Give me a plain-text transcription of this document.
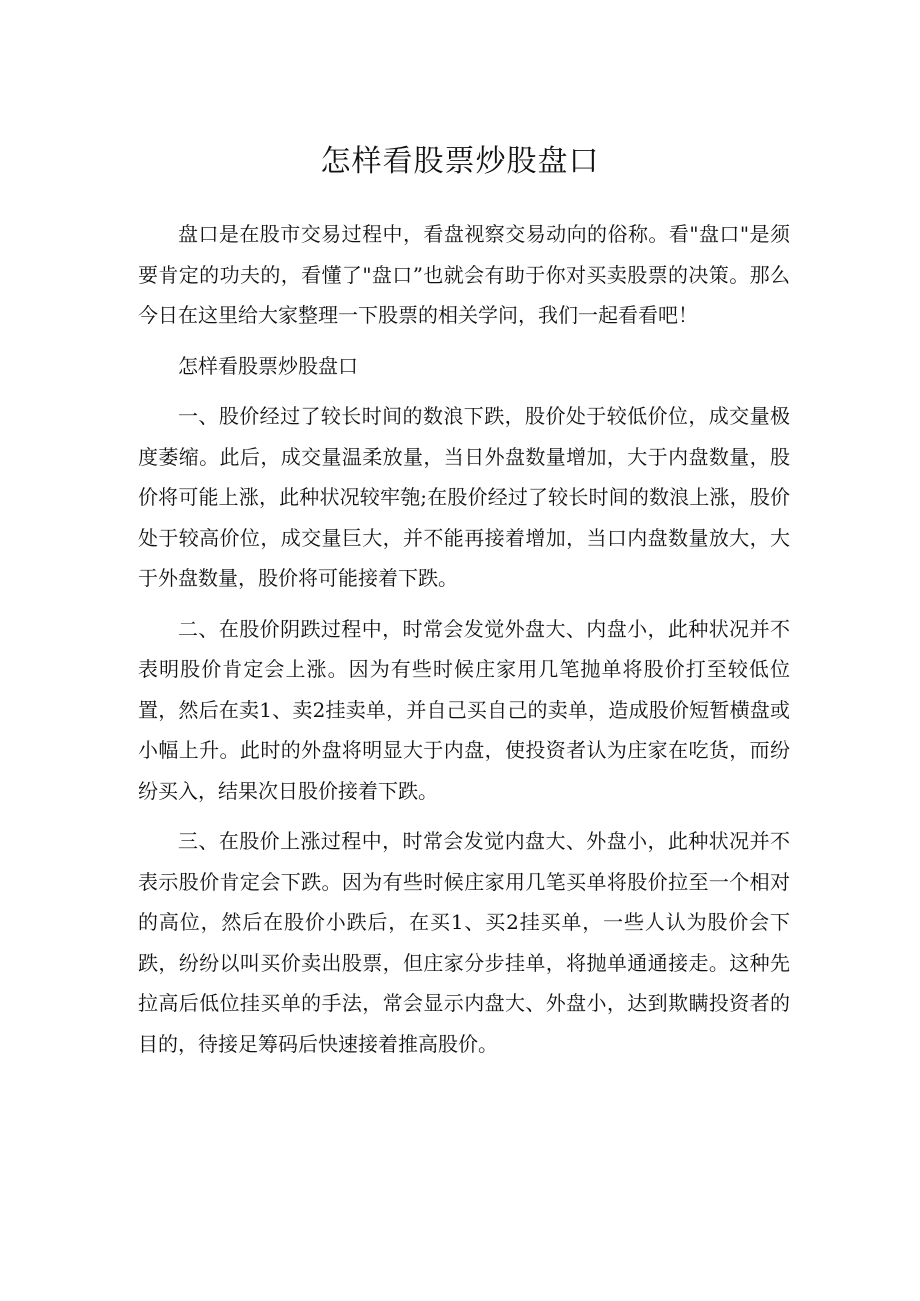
怎样看股票炒股盘口

盘口是在股市交易过程中，看盘视察交易动向的俗称。看"盘口"是须要肯定的功夫的，看懂了"盘口”也就会有助于你对买卖股票的决策。那么今日在这里给大家整理一下股票的相关学问，我们一起看看吧！

怎样看股票炒股盘口

一、股价经过了较长时间的数浪下跌，股价处于较低价位，成交量极度萎缩。此后，成交量温柔放量，当日外盘数量增加，大于内盘数量，股价将可能上涨，此种状况较牢匏;在股价经过了较长时间的数浪上涨，股价处于较高价位，成交量巨大，并不能再接着增加，当口内盘数量放大，大于外盘数量，股价将可能接着下跌。

二、在股价阴跌过程中，时常会发觉外盘大、内盘小，此种状况并不表明股价肯定会上涨。因为有些时候庄家用几笔抛单将股价打至较低位置，然后在卖1、卖2挂卖单，并自己买自己的卖单，造成股价短暂横盘或小幅上升。此时的外盘将明显大于内盘，使投资者认为庄家在吃货，而纷纷买入，结果次日股价接着下跌。

三、在股价上涨过程中，时常会发觉内盘大、外盘小，此种状况并不表示股价肯定会下跌。因为有些时候庄家用几笔买单将股价拉至一个相对的高位，然后在股价小跌后，在买1、买2挂买单，一些人认为股价会下跌，纷纷以叫买价卖出股票，但庄家分步挂单，将抛单通通接走。这种先拉高后低位挂买单的手法，常会显示内盘大、外盘小，达到欺瞒投资者的目的，待接足筹码后快速接着推高股价。
